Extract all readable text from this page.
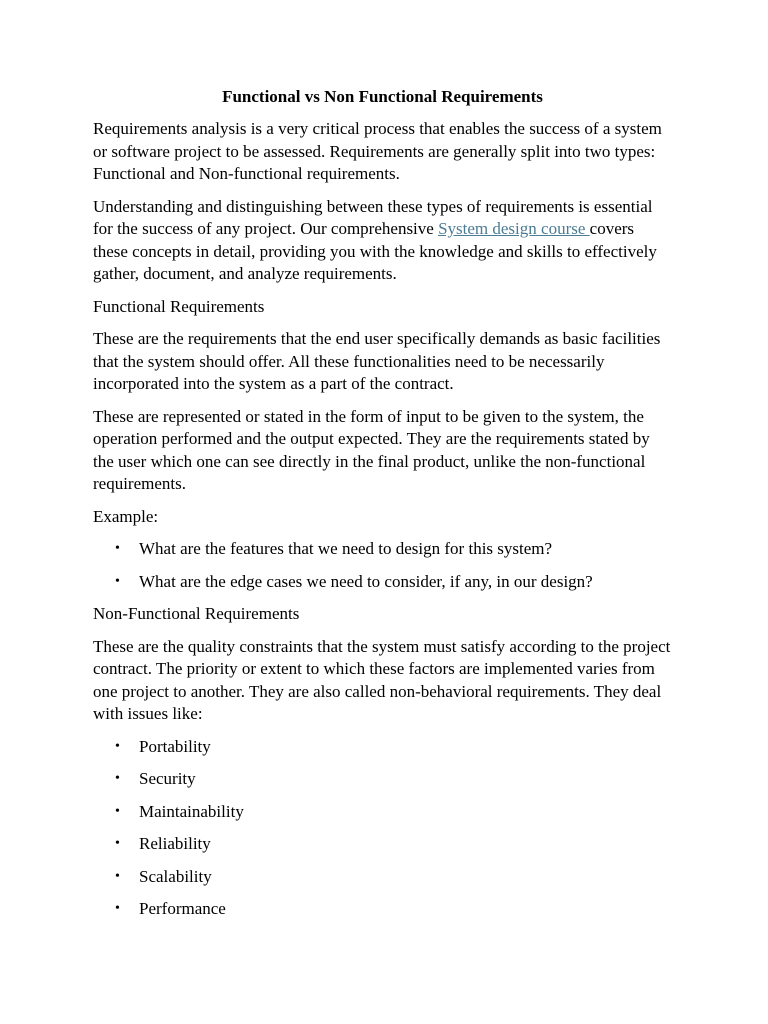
Functional vs Non Functional Requirements

Requirements analysis is a very critical process that enables the success of a system or software project to be assessed. Requirements are generally split into two types: Functional and Non-functional requirements.

Understanding and distinguishing between these types of requirements is essential for the success of any project. Our comprehensive System design course covers these concepts in detail, providing you with the knowledge and skills to effectively gather, document, and analyze requirements.

Functional Requirements

These are the requirements that the end user specifically demands as basic facilities that the system should offer. All these functionalities need to be necessarily incorporated into the system as a part of the contract.

These are represented or stated in the form of input to be given to the system, the operation performed and the output expected. They are the requirements stated by the user which one can see directly in the final product, unlike the non-functional requirements.

Example:

• What are the features that we need to design for this system?
• What are the edge cases we need to consider, if any, in our design?
Non-Functional Requirements

These are the quality constraints that the system must satisfy according to the project contract. The priority or extent to which these factors are implemented varies from one project to another. They are also called non-behavioral requirements. They deal with issues like:

• Portability
• Security
• Maintainability
• Reliability
• Scalability
• Performance
